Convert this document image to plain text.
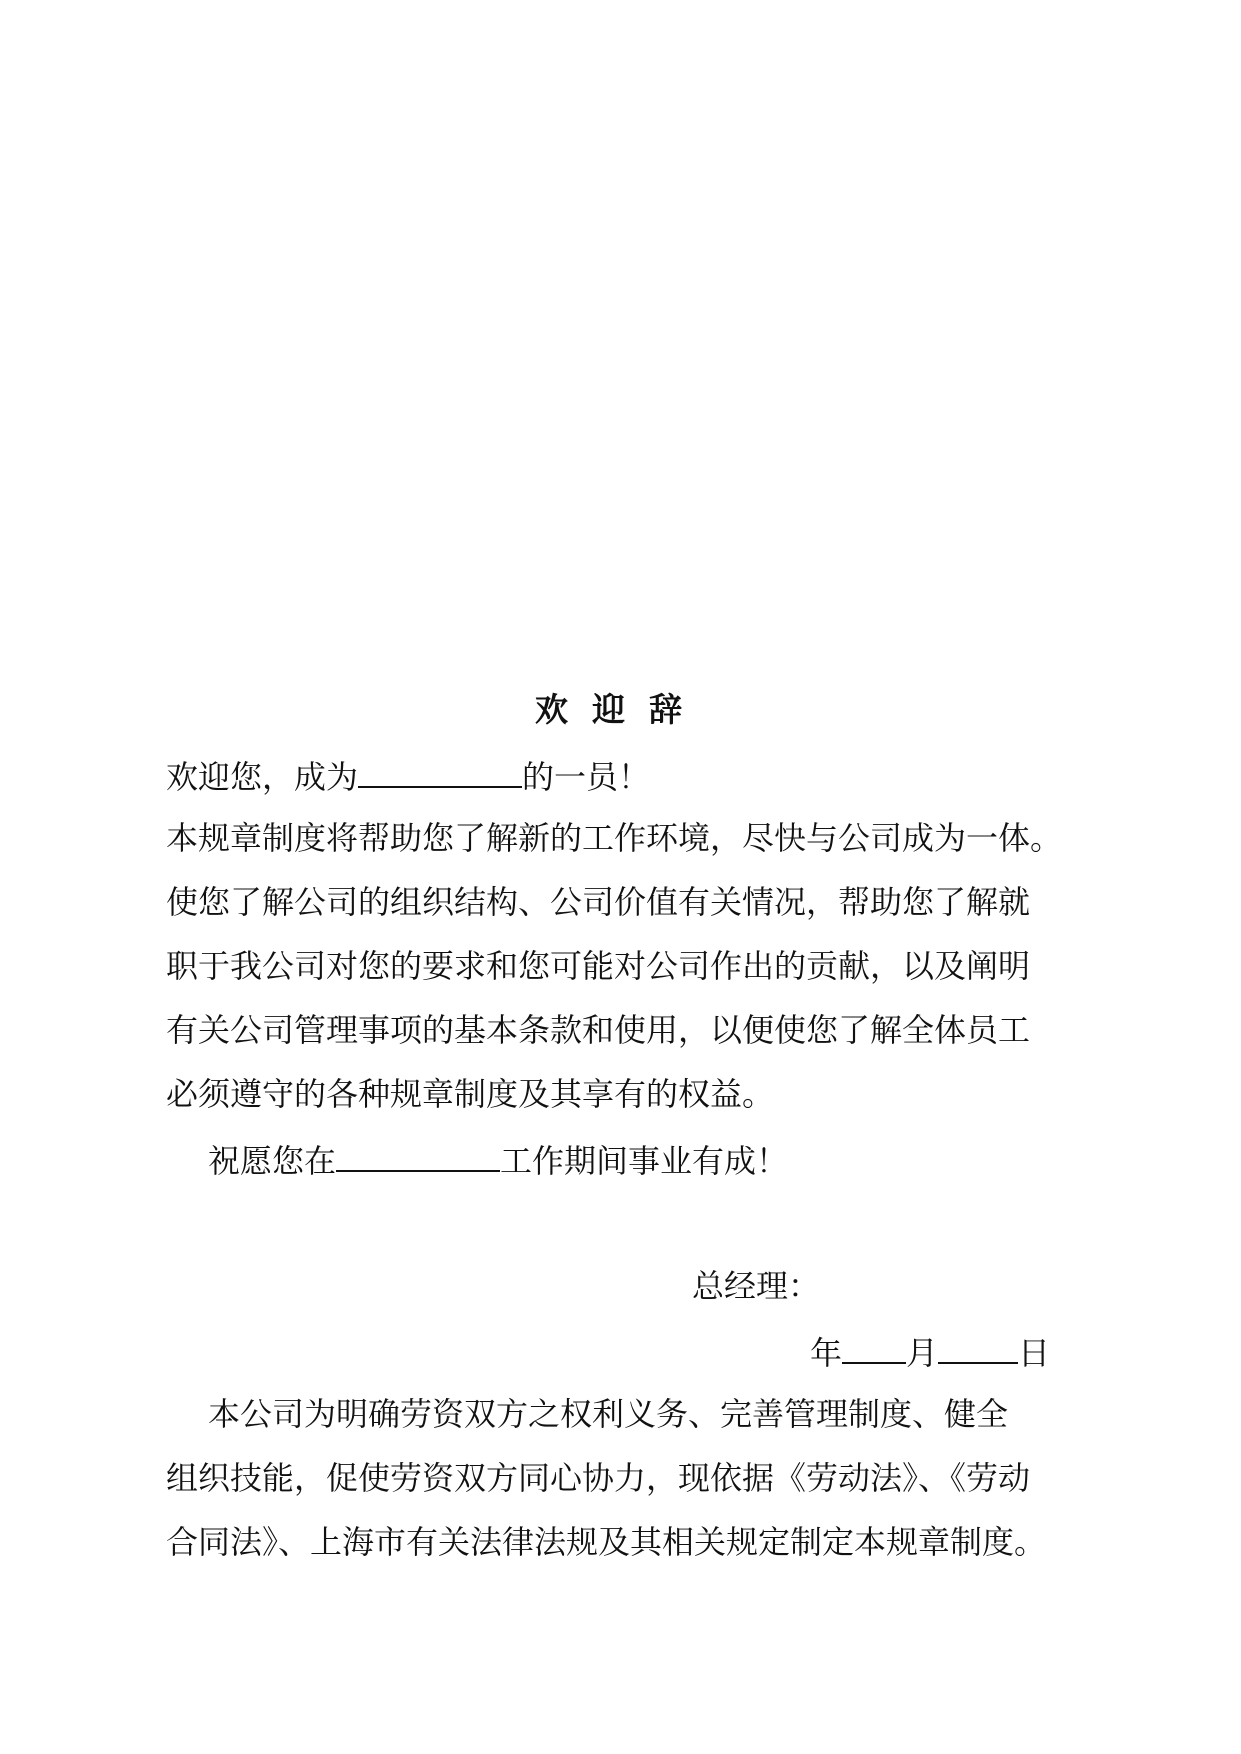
欢迎辞
欢迎您，成为	的一员！
本规章制度将帮助您了解新的工作环境，尽快与公司成为一体。
使您了解公司的组织结构、公司价值有关情况，帮助您了解就
职于我公司对您的要求和您可能对公司作出的贡献，以及阐明
有关公司管理事项的基本条款和使用，以便使您了解全体员工
必须遵守的各种规章制度及其享有的权益。
祝愿您在	工作期间事业有成！
总经理：
年 月	日
本公司为明确劳资双方之权利义务、完善管理制度、健全
组织技能，促使劳资双方同心协力，现依据《劳动法》、《劳动
合同法》、上海市有关法律法规及其相关规定制定本规章制度。
